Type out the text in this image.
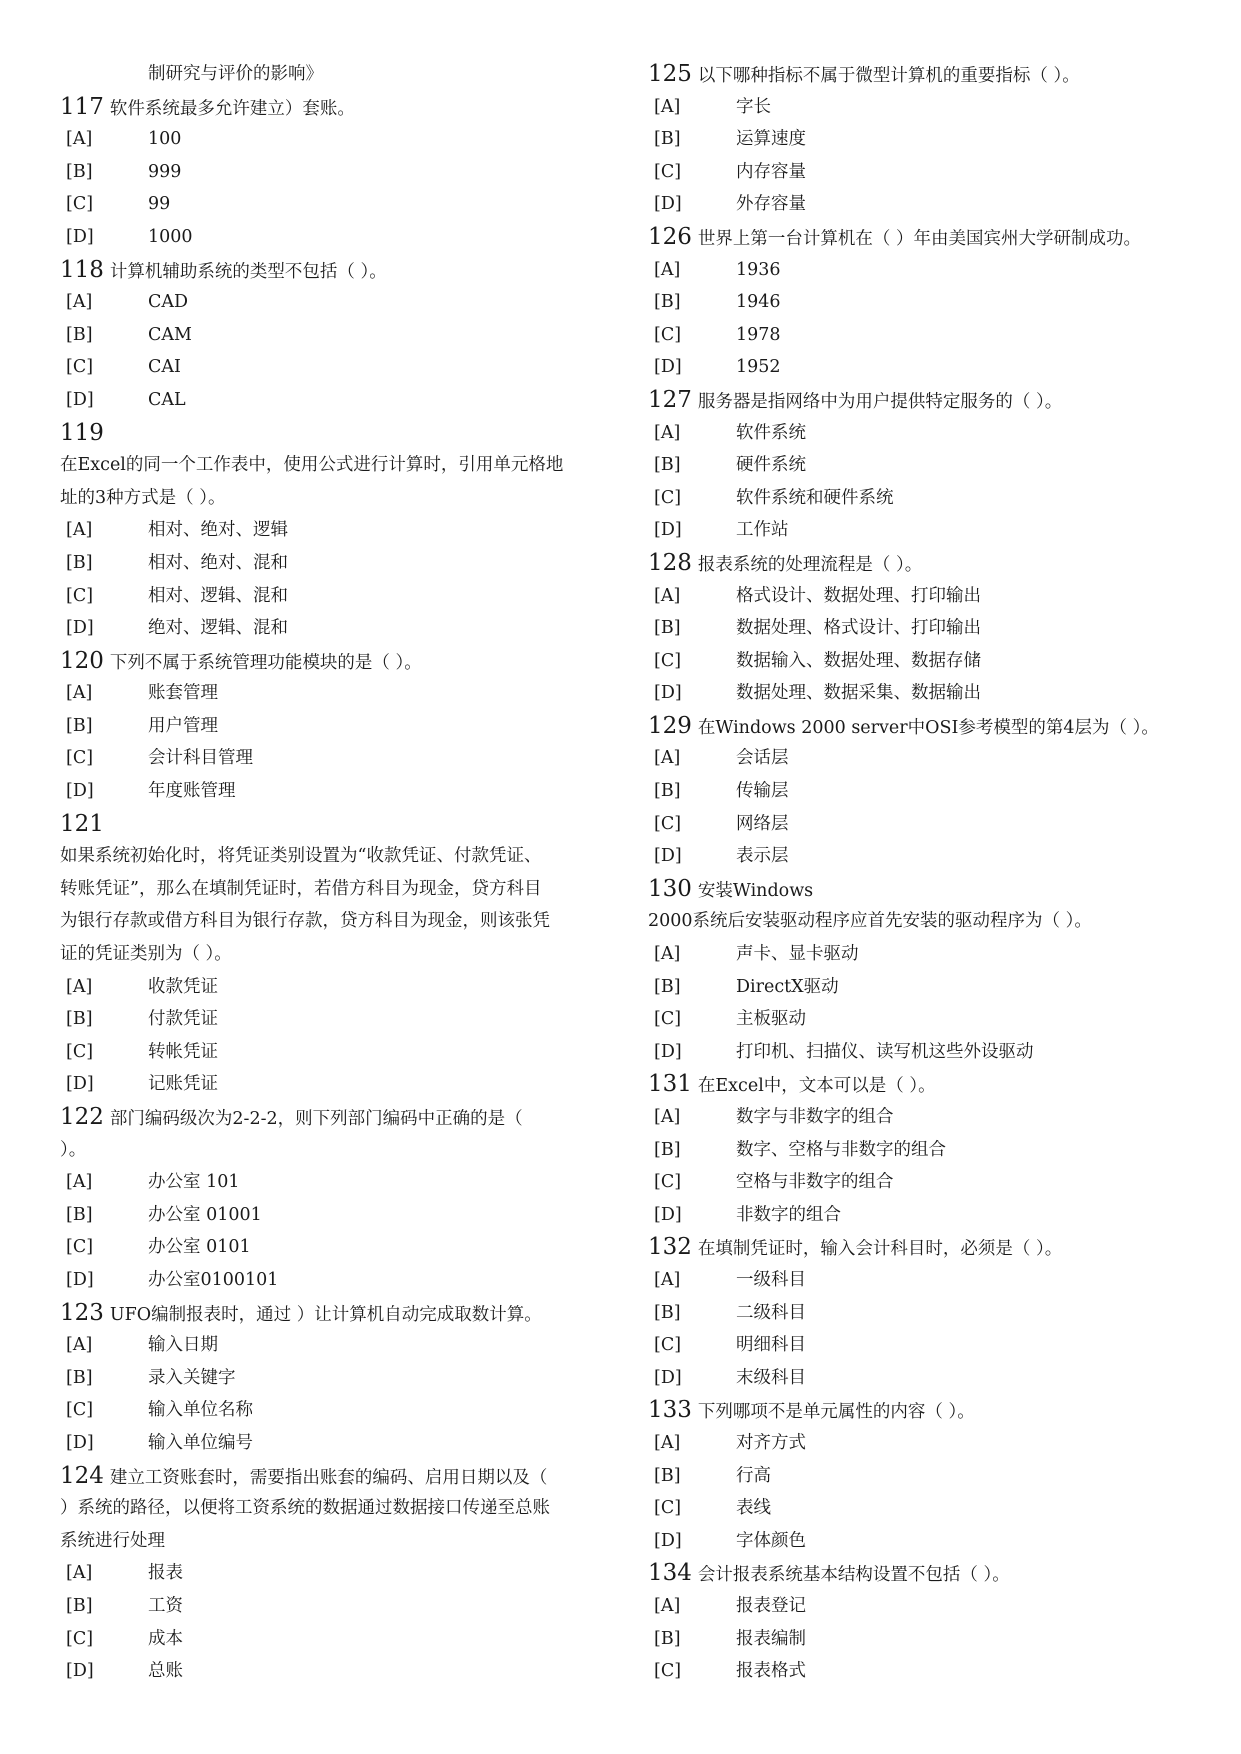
制研究与评价的影响》
117 软件系统最多允许建立）套账。
[A]	100
[B]	999
[C]	99
[D]	1000
118 计算机辅助系统的类型不包括（ ）。
[A]	CAD
[B]	CAM
[C]	CAI
[D]	CAL
119
在Excel的同一个工作表中，使用公式进行计算时，引用单元格地
址的3种方式是（ ）。
[A]	相对、绝对、逻辑
[B]	相对、绝对、混和
[C]	相对、逻辑、混和
[D]	绝对、逻辑、混和
120 下列不属于系统管理功能模块的是（ ）。
[A]	账套管理
[B]	用户管理
[C]	会计科目管理
[D]	年度账管理
121
如果系统初始化时，将凭证类别设置为“收款凭证、付款凭证、
转账凭证”，那么在填制凭证时，若借方科目为现金，贷方科目
为银行存款或借方科目为银行存款，贷方科目为现金，则该张凭
证的凭证类别为（ ）。
[A]	收款凭证
[B]	付款凭证
[C]	转帐凭证
[D]	记账凭证
122 部门编码级次为2-2-2，则下列部门编码中正确的是（
）。
[A]	办公室 101
[B]	办公室 01001
[C]	办公室 0101
[D]	办公室0100101
123 UFO编制报表时，通过 ）让计算机自动完成取数计算。
[A]	输入日期
[B]	录入关键字
[C]	输入单位名称
[D]	输入单位编号
124 建立工资账套时，需要指出账套的编码、启用日期以及（
）系统的路径，以便将工资系统的数据通过数据接口传递至总账
系统进行处理
[A]	报表
[B]	工资
[C]	成本
[D]	总账
125 以下哪种指标不属于微型计算机的重要指标（ ）。
[A]	字长
[B]	运算速度
[C]	内存容量
[D]	外存容量
126 世界上第一台计算机在（ ）年由美国宾州大学研制成功。
[A]	1936
[B]	1946
[C]	1978
[D]	1952
127 服务器是指网络中为用户提供特定服务的（ ）。
[A]	软件系统
[B]	硬件系统
[C]	软件系统和硬件系统
[D]	工作站
128 报表系统的处理流程是（ ）。
[A]	格式设计、数据处理、打印输出
[B]	数据处理、格式设计、打印输出
[C]	数据输入、数据处理、数据存储
[D]	数据处理、数据采集、数据输出
129 在Windows 2000 server中OSI参考模型的第4层为（ ）。
[A]	会话层
[B]	传输层
[C]	网络层
[D]	表示层
130 安装Windows
2000系统后安装驱动程序应首先安装的驱动程序为（ ）。
[A]	声卡、显卡驱动
[B]	DirectX驱动
[C]	主板驱动
[D]	打印机、扫描仪、读写机这些外设驱动
131 在Excel中，文本可以是（ ）。
[A]	数字与非数字的组合
[B]	数字、空格与非数字的组合
[C]	空格与非数字的组合
[D]	非数字的组合
132 在填制凭证时，输入会计科目时，必须是（ ）。
[A]	一级科目
[B]	二级科目
[C]	明细科目
[D]	末级科目
133 下列哪项不是单元属性的内容（ ）。
[A]	对齐方式
[B]	行高
[C]	表线
[D]	字体颜色
134 会计报表系统基本结构设置不包括（ ）。
[A]	报表登记
[B]	报表编制
[C]	报表格式
